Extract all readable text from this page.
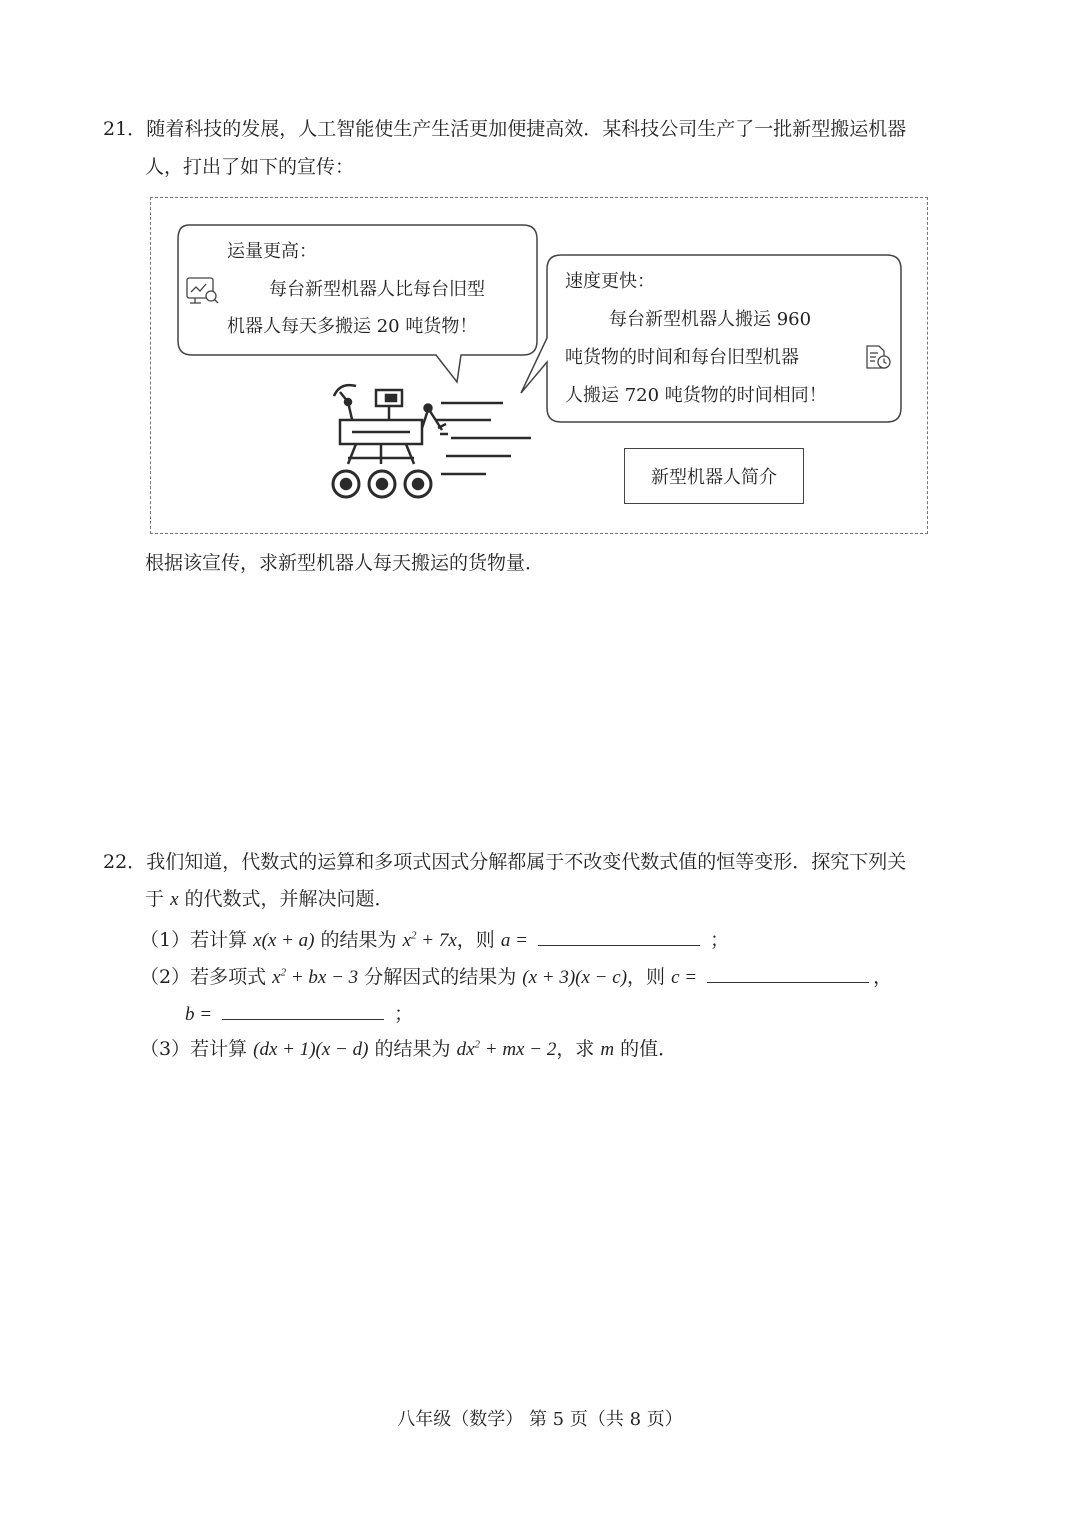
21．随着科技的发展，人工智能使生产生活更加便捷高效．某科技公司生产了一批新型搬运机器
人，打出了如下的宣传：
运量更高：
每台新型机器人比每台旧型
机器人每天多搬运 20 吨货物！
速度更快：
每台新型机器人搬运 960
吨货物的时间和每台旧型机器
人搬运 720 吨货物的时间相同！
新型机器人简介
根据该宣传，求新型机器人每天搬运的货物量．
22．我们知道，代数式的运算和多项式因式分解都属于不改变代数式值的恒等变形．探究下列关
于 x 的代数式，并解决问题．
（1）若计算 x(x + a) 的结果为 $x^2 + 7x$，则 a =	；
（2）若多项式 $x^2$ + bx − 3 分解因式的结果为 (x + 3)(x − c)，则 c =	，
b =	；
（3）若计算 (dx + 1)(x − d) 的结果为 $dx^2$ + mx − 2，求 m 的值．
八年级（数学） 第 5 页（共 8 页）
